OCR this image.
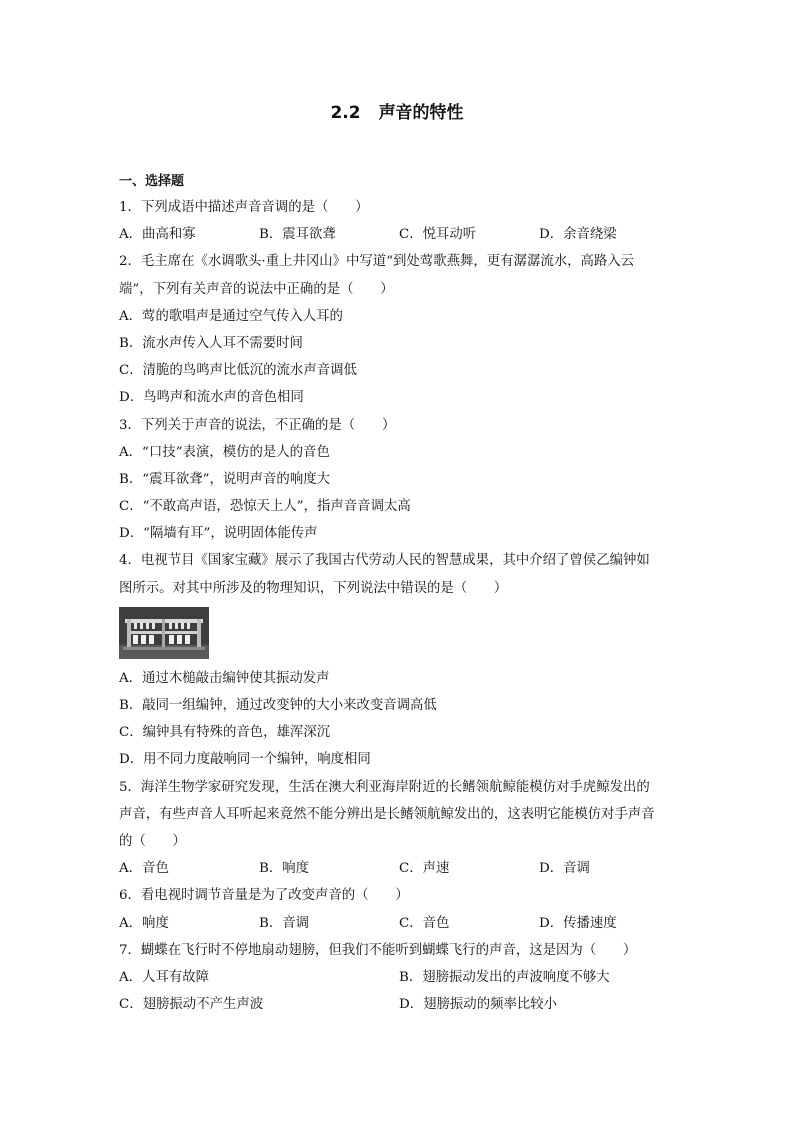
2.2 声音的特性
一、选择题
1．下列成语中描述声音音调的是（　　）
A．曲高和寡	B．震耳欲聋	C．悦耳动听	D．余音绕梁
2．毛主席在《水调歌头·重上井冈山》中写道“到处莺歌燕舞，更有潺潺流水，高路入云
端”，下列有关声音的说法中正确的是（　　）
A．莺的歌唱声是通过空气传入人耳的
B．流水声传入人耳不需要时间
C．清脆的鸟鸣声比低沉的流水声音调低
D．鸟鸣声和流水声的音色相同
3．下列关于声音的说法，不正确的是（　　）
A．“口技”表演，模仿的是人的音色
B．“震耳欲聋”，说明声音的响度大
C．“不敢高声语，恐惊天上人”，指声音音调太高
D．“隔墙有耳”，说明固体能传声
4．电视节目《国家宝藏》展示了我国古代劳动人民的智慧成果，其中介绍了曾侯乙编钟如
图所示。对其中所涉及的物理知识，下列说法中错误的是（　　）
A．通过木槌敲击编钟使其振动发声
B．敲同一组编钟，通过改变钟的大小来改变音调高低
C．编钟具有特殊的音色，雄浑深沉
D．用不同力度敲响同一个编钟，响度相同
5．海洋生物学家研究发现，生活在澳大利亚海岸附近的长鳍领航鲸能模仿对手虎鲸发出的
声音，有些声音人耳听起来竟然不能分辨出是长鳍领航鲸发出的，这表明它能模仿对手声音
的（　　）
A．音色	B．响度	C．声速	D．音调
6．看电视时调节音量是为了改变声音的（　　）
A．响度	B．音调	C．音色	D．传播速度
7．蝴蝶在飞行时不停地扇动翅膀，但我们不能听到蝴蝶飞行的声音，这是因为（　　）
A．人耳有故障	B．翅膀振动发出的声波响度不够大
C．翅膀振动不产生声波	D．翅膀振动的频率比较小
